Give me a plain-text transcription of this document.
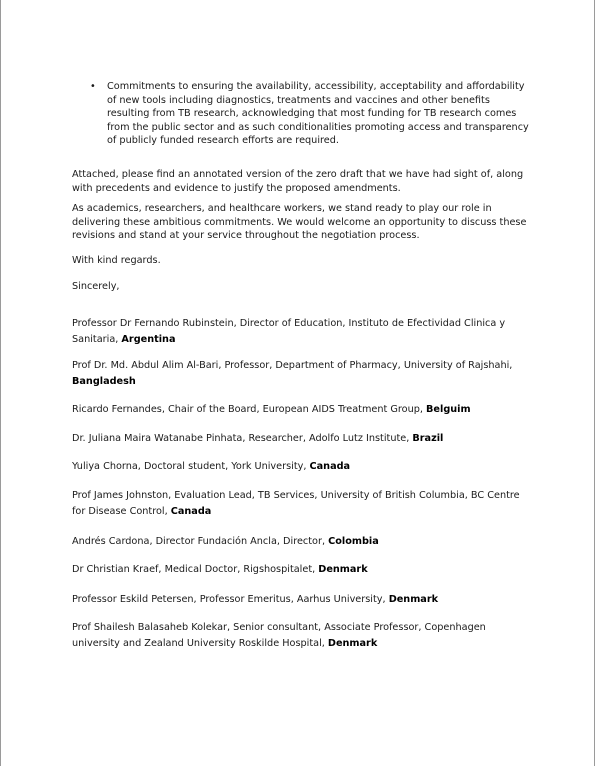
•	Commitments to ensuring the availability, accessibility, acceptability and affordability of new tools including diagnostics, treatments and vaccines and other benefits resulting from TB research, acknowledging that most funding for TB research comes from the public sector and as such conditionalities promoting access and transparency of publicly funded research efforts are required.

Attached, please find an annotated version of the zero draft that we have had sight of, along with precedents and evidence to justify the proposed amendments.

As academics, researchers, and healthcare workers, we stand ready to play our role in delivering these ambitious commitments. We would welcome an opportunity to discuss these revisions and stand at your service throughout the negotiation process.

With kind regards.

Sincerely,

Professor Dr Fernando Rubinstein, Director of Education, Instituto de Efectividad Clinica y Sanitaria, Argentina
Prof Dr. Md. Abdul Alim Al-Bari, Professor, Department of Pharmacy, University of Rajshahi, Bangladesh
Ricardo Fernandes, Chair of the Board, European AIDS Treatment Group, Belguim
Dr. Juliana Maira Watanabe Pinhata, Researcher, Adolfo Lutz Institute, Brazil
Yuliya Chorna, Doctoral student, York University, Canada
Prof James Johnston, Evaluation Lead, TB Services, University of British Columbia, BC Centre for Disease Control, Canada
Andrés Cardona, Director Fundación Ancla, Director, Colombia
Dr Christian Kraef, Medical Doctor, Rigshospitalet, Denmark
Professor Eskild Petersen, Professor Emeritus, Aarhus University, Denmark
Prof Shailesh Balasaheb Kolekar, Senior consultant, Associate Professor, Copenhagen university and Zealand University Roskilde Hospital, Denmark
